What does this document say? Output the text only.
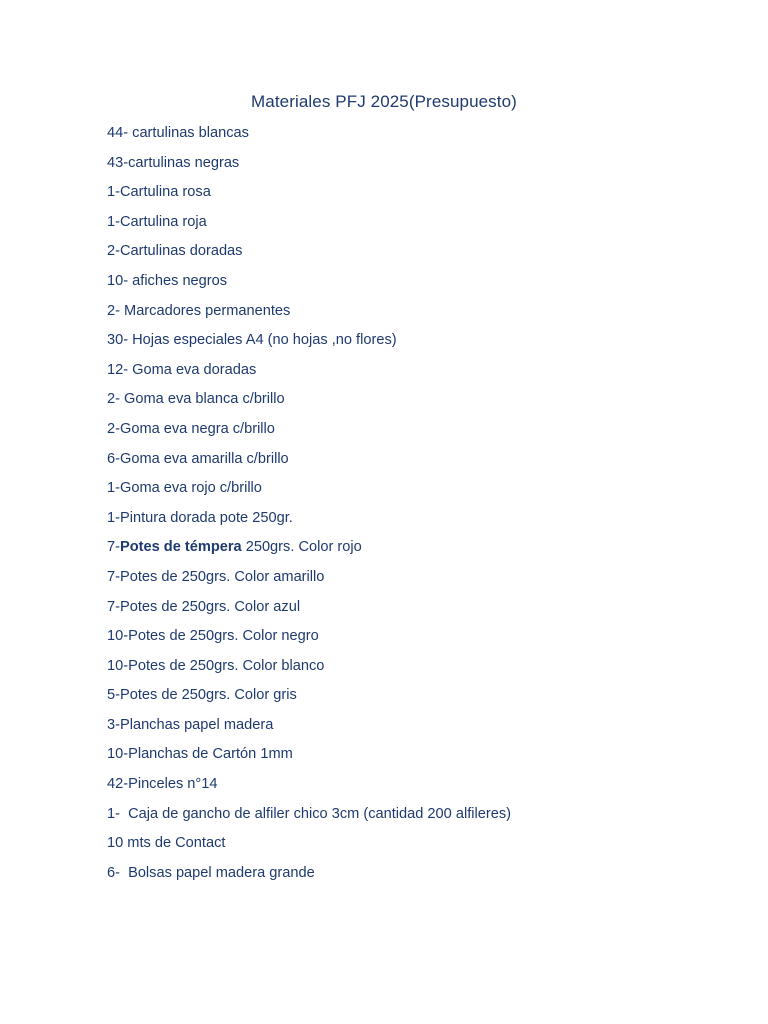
Materiales PFJ 2025(Presupuesto)
44- cartulinas blancas
43-cartulinas negras
1-Cartulina rosa
1-Cartulina roja
2-Cartulinas doradas
10- afiches negros
2- Marcadores permanentes
30- Hojas especiales A4 (no hojas ,no flores)
12- Goma eva doradas
2- Goma eva blanca c/brillo
2-Goma eva negra c/brillo
6-Goma eva amarilla c/brillo
1-Goma eva rojo c/brillo
1-Pintura dorada pote 250gr.
7-Potes de témpera 250grs. Color rojo
7-Potes de 250grs. Color amarillo
7-Potes de 250grs. Color azul
10-Potes de 250grs. Color negro
10-Potes de 250grs. Color blanco
5-Potes de 250grs. Color gris
3-Planchas papel madera
10-Planchas de Cartón 1mm
42-Pinceles n°14
1-  Caja de gancho de alfiler chico 3cm (cantidad 200 alfileres)
10 mts de Contact
6-  Bolsas papel madera grande
